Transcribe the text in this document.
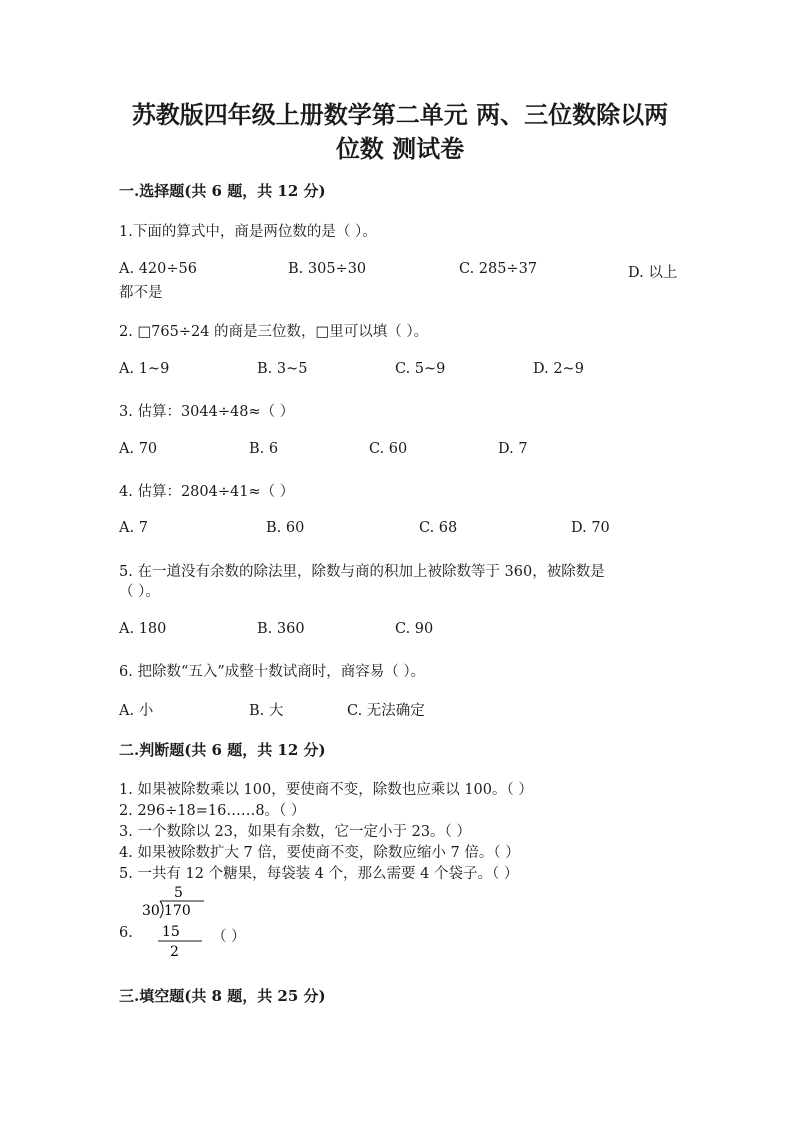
苏教版四年级上册数学第二单元 两、三位数除以两
位数 测试卷
一.选择题(共 6 题，共 12 分)
1.下面的算式中，商是两位数的是（ ）。
A. 420÷56	B. 305÷30	C. 285÷37	D. 以上
都不是
2. □765÷24 的商是三位数，□里可以填（ ）。
A. 1~9	B. 3~5	C. 5~9	D. 2~9
3. 估算：3044÷48≈（ ）
A. 70	B. 6	C. 60	D. 7
4. 估算：2804÷41≈（ ）
A. 7	B. 60	C. 68	D. 70
5. 在一道没有余数的除法里，除数与商的积加上被除数等于 360，被除数是
（ ）。
A. 180	B. 360	C. 90
6. 把除数“五入”成整十数试商时，商容易（ ）。
A. 小	B. 大	C. 无法确定
二.判断题(共 6 题，共 12 分)
1. 如果被除数乘以 100，要使商不变，除数也应乘以 100。（ ）
2. 296÷18=16……8。（ ）
3. 一个数除以 23，如果有余数，它一定小于 23。（ ）
4. 如果被除数扩大 7 倍，要使商不变，除数应缩小 7 倍。（ ）
5. 一共有 12 个糖果，每袋装 4 个，那么需要 4 个袋子。（ ）
6.
5
30 170
15
2
（ ）
三.填空题(共 8 题，共 25 分)
